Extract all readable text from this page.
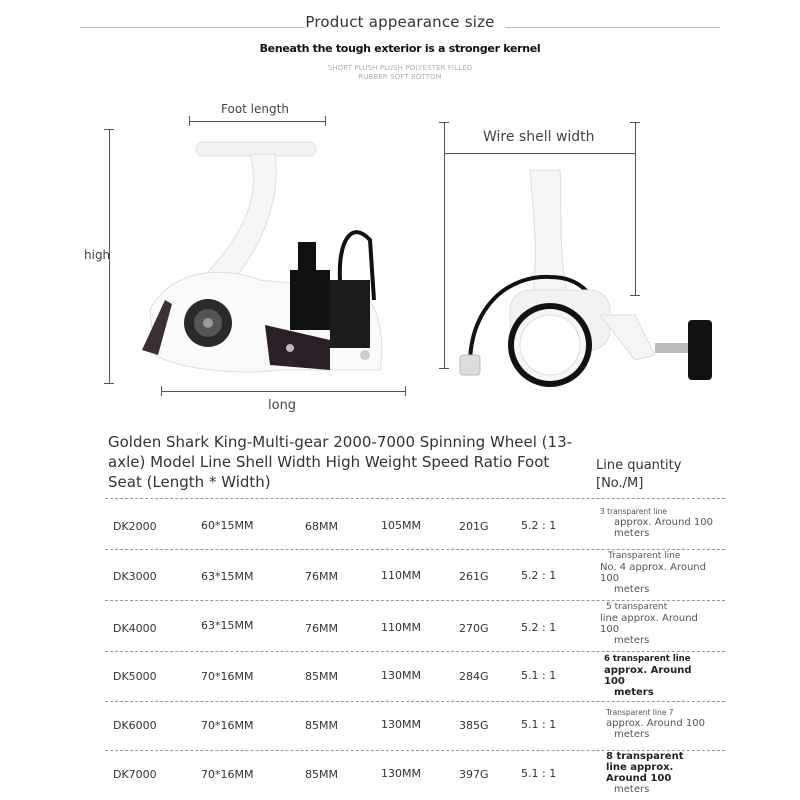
Product appearance size
Beneath the tough exterior is a stronger kernel
SHORT PLUSH PLUSH POLYESTER FILLED
RUBBER SOFT BOTTOM
Foot length
high
long
Wire shell width
Golden Shark King-Multi-gear 2000-7000 Spinning Wheel (13-axle) Model Line Shell Width High Weight Speed Ratio Foot Seat (Length * Width)
Line quantity
[No./M]
DK2000	60*15MM	68MM	105MM	201G	5.2 : 1
3 transparent line
approx. Around 100
meters
DK3000	63*15MM	76MM	110MM	261G	5.2 : 1
Transparent line
No. 4 approx. Around 100
meters
DK4000	63*15MM	76MM	110MM	270G	5.2 : 1
5 transparent
line approx. Around 100
meters
DK5000	70*16MM	85MM	130MM	284G	5.1 : 1
6 transparent line
approx. Around 100
meters
DK6000	70*16MM	85MM	130MM	385G	5.1 : 1
Transparent line 7
approx. Around 100
meters
DK7000	70*16MM	85MM	130MM	397G	5.1 : 1
8 transparent
line approx. Around 100
meters
